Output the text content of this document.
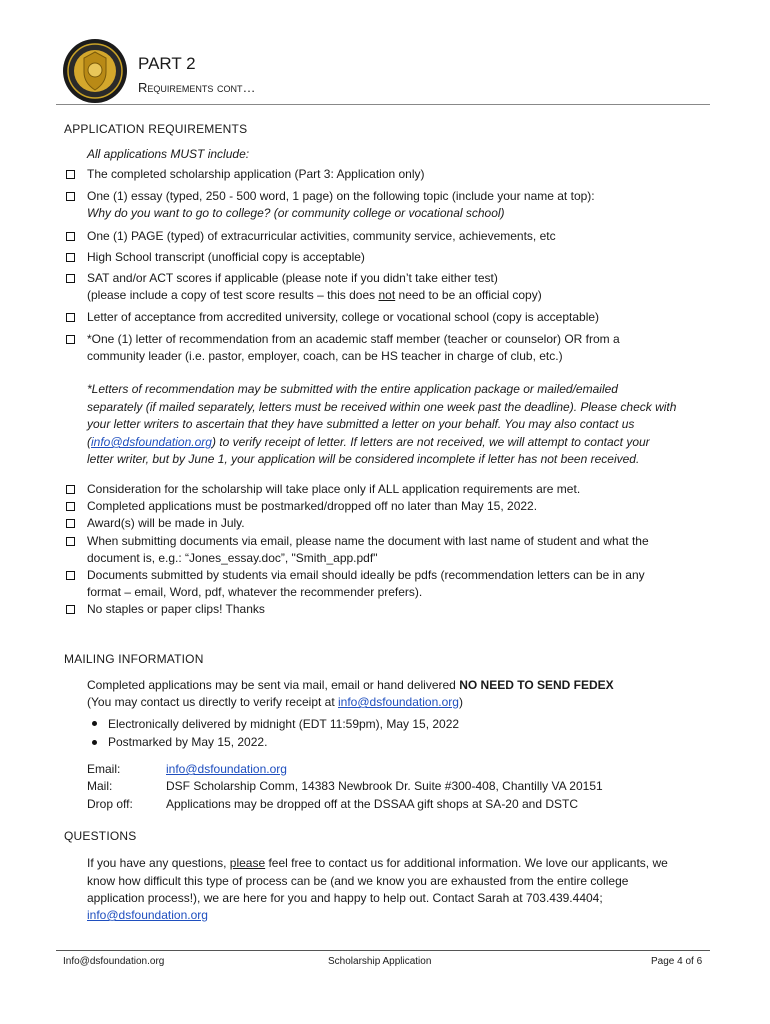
PART 2
Requirements cont…
APPLICATION REQUIREMENTS
All applications MUST include:
The completed scholarship application (Part 3: Application only)
One (1) essay (typed, 250 - 500 word, 1 page) on the following topic (include your name at top):
Why do you want to go to college? (or community college or vocational school)
One (1) PAGE (typed) of extracurricular activities, community service, achievements, etc
High School transcript (unofficial copy is acceptable)
SAT and/or ACT scores if applicable (please note if you didn’t take either test)
(please include a copy of test score results – this does not need to be an official copy)
Letter of acceptance from accredited university, college or vocational school (copy is acceptable)
*One (1) letter of recommendation from an academic staff member (teacher or counselor) OR from a
community leader (i.e. pastor, employer, coach, can be HS teacher in charge of club, etc.)
*Letters of recommendation may be submitted with the entire application package or mailed/emailed
separately (if mailed separately, letters must be received within one week past the deadline). Please check with
your letter writers to ascertain that they have submitted a letter on your behalf. You may also contact us
(info@dsfoundation.org) to verify receipt of letter. If letters are not received, we will attempt to contact your
letter writer, but by June 1, your application will be considered incomplete if letter has not been received.
Consideration for the scholarship will take place only if ALL application requirements are met.
Completed applications must be postmarked/dropped off no later than May 15, 2022.
Award(s) will be made in July.
When submitting documents via email, please name the document with last name of student and what the
document is, e.g.: “Jones_essay.doc”, "Smith_app.pdf"
Documents submitted by students via email should ideally be pdfs (recommendation letters can be in any
format – email, Word, pdf, whatever the recommender prefers).
No staples or paper clips! Thanks
MAILING INFORMATION
Completed applications may be sent via mail, email or hand delivered NO NEED TO SEND FEDEX
(You may contact us directly to verify receipt at info@dsfoundation.org)
Electronically delivered by midnight (EDT 11:59pm), May 15, 2022
Postmarked by May 15, 2022.
Email:	info@dsfoundation.org
Mail:	DSF Scholarship Comm, 14383 Newbrook Dr. Suite #300-408, Chantilly VA 20151
Drop off:	Applications may be dropped off at the DSSAA gift shops at SA-20 and DSTC
QUESTIONS
If you have any questions, please feel free to contact us for additional information. We love our applicants, we
know how difficult this type of process can be (and we know you are exhausted from the entire college
application process!), we are here for you and happy to help out. Contact Sarah at 703.439.4404;
info@dsfoundation.org
Info@dsfoundation.org	Scholarship Application	Page 4 of 6
